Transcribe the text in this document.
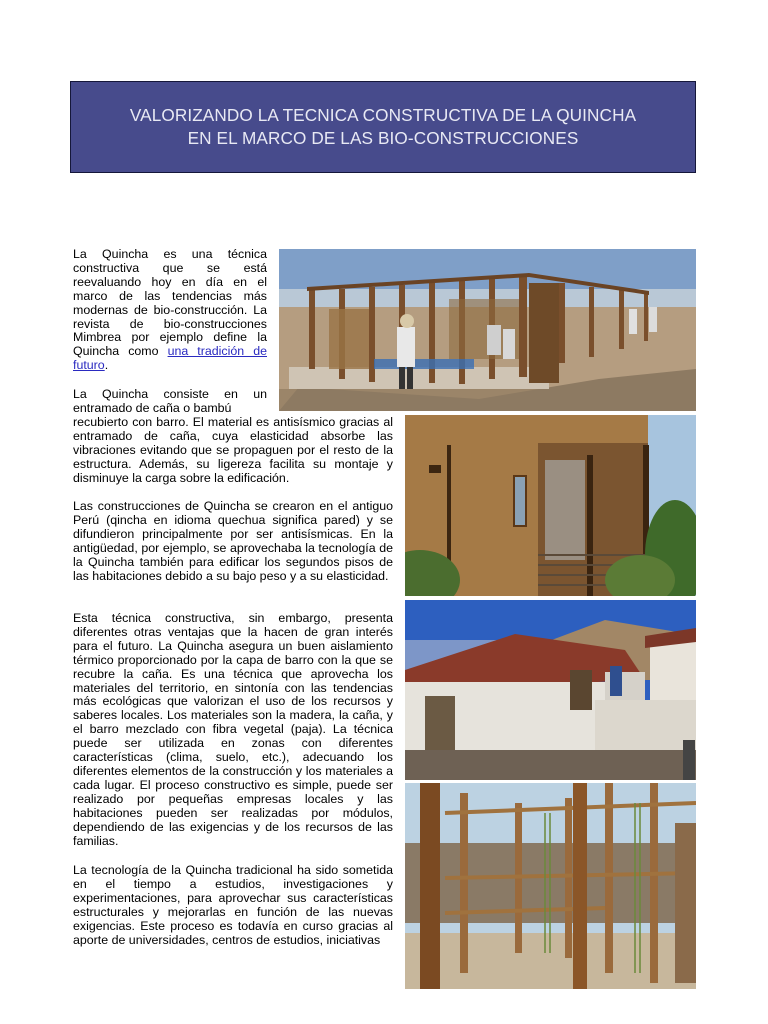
VALORIZANDO LA TECNICA CONSTRUCTIVA DE LA QUINCHA
EN EL MARCO DE LAS BIO-CONSTRUCCIONES

La Quincha es una técnica constructiva que se está reevaluando hoy en día en el marco de las tendencias más modernas de bio-construcción. La revista de bio-construcciones Mimbrea por ejemplo define la Quincha como una tradición de futuro.

La Quincha consiste en un entramado de caña o bambú

recubierto con barro. El material es antisísmico gracias al entramado de caña, cuya elasticidad absorbe las vibraciones evitando que se propaguen por el resto de la estructura. Además, su ligereza facilita su montaje y disminuye la carga sobre la edificación.

Las construcciones de Quincha se crearon en el antiguo Perú (qincha en idioma quechua significa pared) y se difundieron principalmente por ser antisísmicas. En la antigüedad, por ejemplo, se aprovechaba la tecnología de la Quincha también para edificar los segundos pisos de las habitaciones debido a su bajo peso y a su elasticidad.

Esta técnica constructiva, sin embargo, presenta diferentes otras ventajas que la hacen de gran interés para el futuro. La Quincha asegura un buen aislamiento térmico proporcionado por la capa de barro con la que se recubre la caña. Es una técnica que aprovecha los materiales del territorio, en sintonía con las tendencias más ecológicas que valorizan el uso de los recursos y saberes locales. Los materiales son la madera, la caña, y el barro mezclado con fibra vegetal (paja). La técnica puede ser utilizada en zonas con diferentes características (clima, suelo, etc.), adecuando los diferentes elementos de la construcción y los materiales a cada lugar. El proceso constructivo es simple, puede ser realizado por pequeñas empresas locales y las habitaciones pueden ser realizadas por módulos, dependiendo de las exigencias y de los recursos de las familias.

La tecnología de la Quincha tradicional ha sido sometida en el tiempo a estudios, investigaciones y experimentaciones, para aprovechar sus características estructurales y mejorarlas en función de las nuevas exigencias. Este proceso es todavía en curso gracias al aporte de universidades, centros de estudios, iniciativas
